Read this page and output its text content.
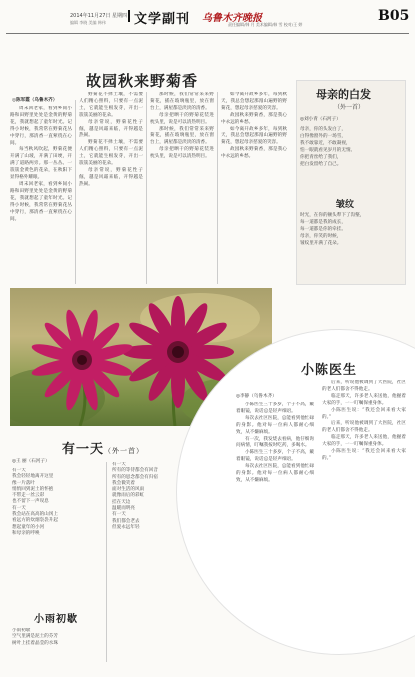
2014年11月27日 星期四
编辑 李晓 美编 韩伟 文学副刊 乌鲁木齐晚报
责任编辑/韩 月 美术编辑/韩 雪 校对/王 婷
B05
故园秋来野菊香
◎陈军霞（乌鲁木齐）

周末回老家，看到乡间小路和田野里处处是金黄的野菊花，我就想起了童年时光。记得小时候，我常常在野菊花丛中穿行，那清香一直萦绕在心间。

每当秋风吹起，野菊花便开满了山坡，开满了田埂，开满了道路两旁。那一丛丛、一簇簇金黄色的花朵，在秋阳下显得格外耀眼。

周末回老家，看到乡间小路和田野里处处是金黄的野菊花，我就想起了童年时光。记得小时候，我常常在野菊花丛中穿行，那清香一直萦绕在心间。

野菊花不择土壤，不需要人们精心照料，只要有一点泥土，它就能生根发芽，开出一簇簇美丽的花朵。

母亲常说，野菊花性子倔，越是风霜来临，开得越是热闹。

野菊花不择土壤，不需要人们精心照料，只要有一点泥土，它就能生根发芽，开出一簇簇美丽的花朵。

母亲常说，野菊花性子倔，越是风霜来临，开得越是热闹。

那时候，我们常常采来野菊花，插在玻璃瓶里，放在窗台上，满屋都是淡淡的清香。

母亲把晒干的野菊花装进枕头里，说是可以清热明目。

那时候，我们常常采来野菊花，插在玻璃瓶里，放在窗台上，满屋都是淡淡的清香。

母亲把晒干的野菊花装进枕头里，说是可以清热明目。

如今离开故乡多年，每到秋天，我总会想起那漫山遍野的野菊花，想起母亲慈爱的笑容。

故园秋来野菊香，那是我心中永远的乡愁。

如今离开故乡多年，每到秋天，我总会想起那漫山遍野的野菊花，想起母亲慈爱的笑容。

故园秋来野菊香，那是我心中永远的乡愁。

母亲的白发
（外一首）
◎刘小青（石河子）
母亲，你的头发白了，
白得像窗外的一场雪，
我不敢靠近，不敢凝视，
怕一眼就看见岁月的无情。
你把青丝给了我们，
把白发留给了自己。
皱纹
时光，在你的额头犁下了沟壑，
每一道都是我的成长，
每一道都是你的牵挂。
母亲，你笑的时候，
皱纹里开满了花朵。
小陈医生
◎李静（乌鲁木齐）

小陈医生三十多岁，个子不高，戴着眼镜，说话总是轻声细语。

每次去社区医院，总能看到他忙碌的身影。他对每一位病人都耐心细致，从不嫌麻烦。

有一次，我发烧去看病，他仔细询问病情，叮嘱我按时吃药，多喝水。

小陈医生三十多岁，个子不高，戴着眼镜，说话总是轻声细语。

每次去社区医院，总能看到他忙碌的身影。他对每一位病人都耐心细致，从不嫌麻烦。

后来，听说他被调到了大医院，社区的老人们都舍不得他走。

临走那天，许多老人来送他，他握着大家的手，一一叮嘱保重身体。

小陈医生说：“我还会回来看大家的。”

后来，听说他被调到了大医院，社区的老人们都舍不得他走。

临走那天，许多老人来送他，他握着大家的手，一一叮嘱保重身体。

小陈医生说：“我还会回来看大家的。”

有一天（外一首）
◎王 丽（石河子）
有一天
我会轻轻地离开这里
像一片落叶
悄悄回到泥土的怀抱
不带走一丝云彩
也不留下一声叹息
有一天
我会站在高高的山冈上
看远方的炊烟袅袅升起
想起童年的小河
和母亲的呼唤
有一天
所有的等待都会有回音
所有的思念都会有归宿
我会微笑着
面对生活的风雨
就像雨后的彩虹
挂在天边
温暖而明亮
有一天
我们都会老去
但爱永远年轻
小雨初歇
小雨初歇
空气里满是泥土的芬芳
树叶上挂着晶莹的水珠
